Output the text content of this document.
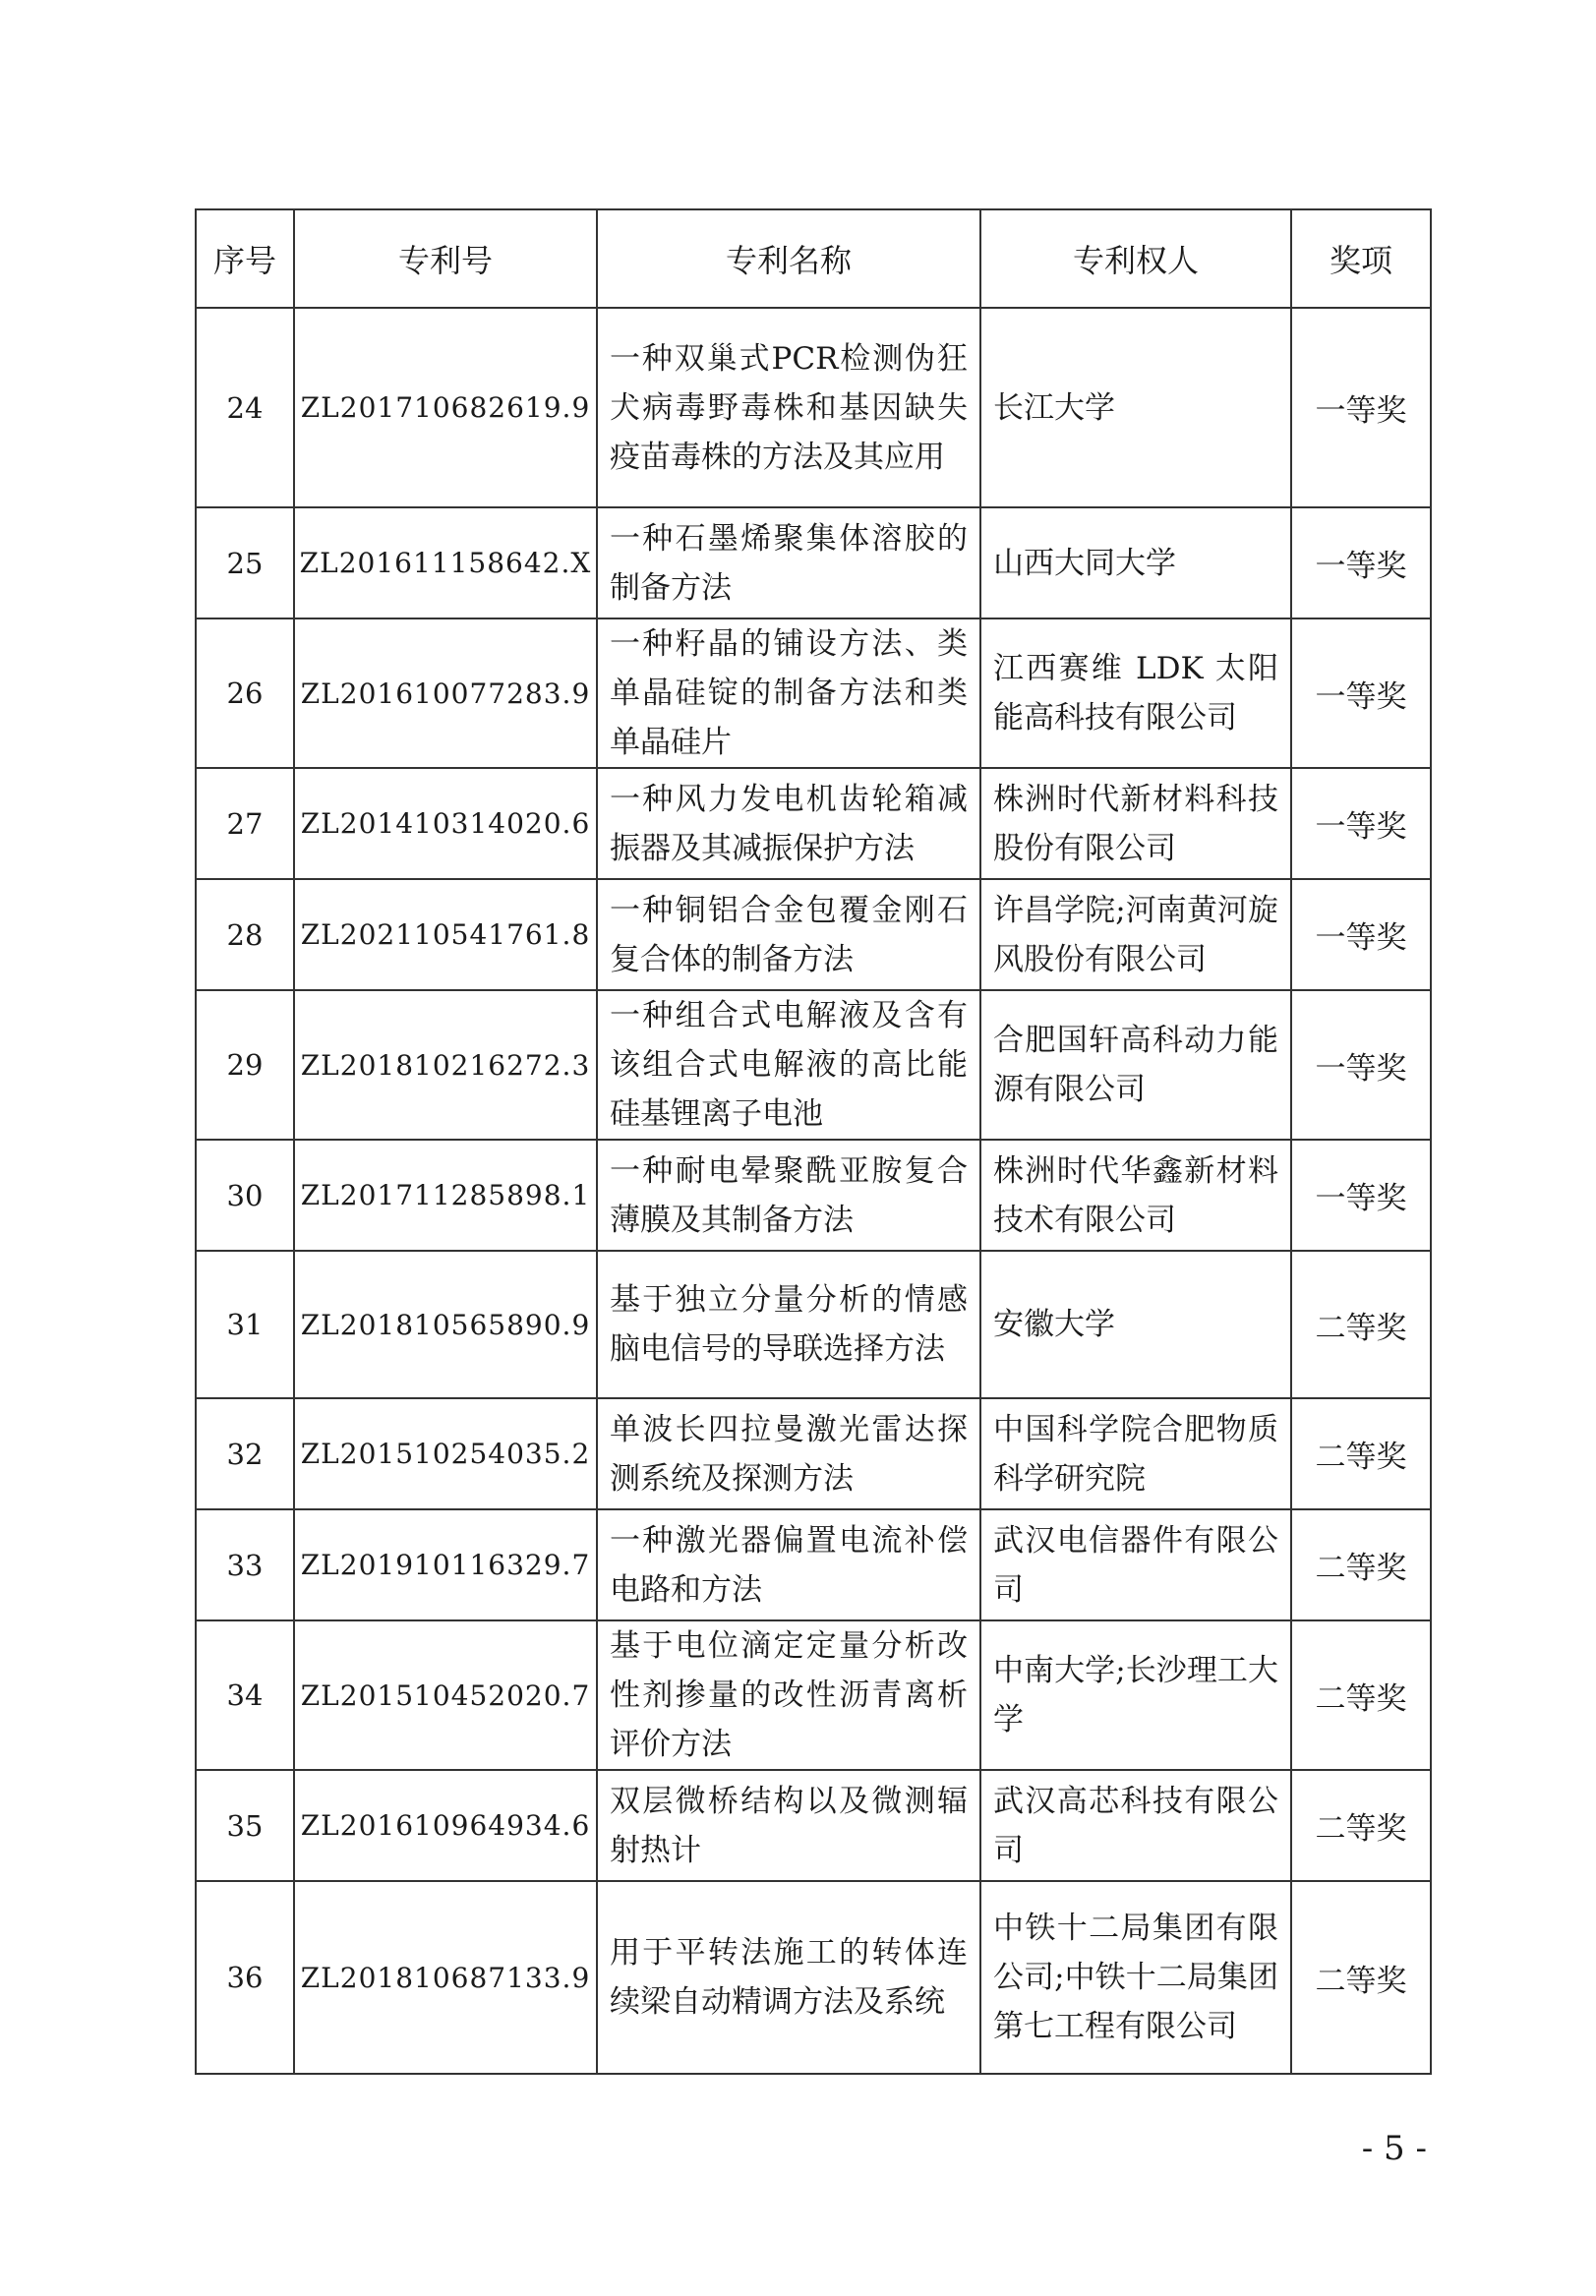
序号	专利号	专利名称	专利权人	奖项
24	ZL201710682619.9	一种双巢式PCR检测伪狂犬病毒野毒株和基因缺失疫苗毒株的方法及其应用	长江大学	一等奖
25	ZL201611158642.X	一种石墨烯聚集体溶胶的制备方法	山西大同大学	一等奖
26	ZL201610077283.9	一种籽晶的铺设方法、类单晶硅锭的制备方法和类单晶硅片	江西赛维 LDK 太阳能高科技有限公司	一等奖
27	ZL201410314020.6	一种风力发电机齿轮箱减振器及其减振保护方法	株洲时代新材料科技股份有限公司	一等奖
28	ZL202110541761.8	一种铜铝合金包覆金刚石复合体的制备方法	许昌学院;河南黄河旋风股份有限公司	一等奖
29	ZL201810216272.3	一种组合式电解液及含有该组合式电解液的高比能硅基锂离子电池	合肥国轩高科动力能源有限公司	一等奖
30	ZL201711285898.1	一种耐电晕聚酰亚胺复合薄膜及其制备方法	株洲时代华鑫新材料技术有限公司	一等奖
31	ZL201810565890.9	基于独立分量分析的情感脑电信号的导联选择方法	安徽大学	二等奖
32	ZL201510254035.2	单波长四拉曼激光雷达探测系统及探测方法	中国科学院合肥物质科学研究院	二等奖
33	ZL201910116329.7	一种激光器偏置电流补偿电路和方法	武汉电信器件有限公司	二等奖
34	ZL201510452020.7	基于电位滴定定量分析改性剂掺量的改性沥青离析评价方法	中南大学;长沙理工大学	二等奖
35	ZL201610964934.6	双层微桥结构以及微测辐射热计	武汉高芯科技有限公司	二等奖
36	ZL201810687133.9	用于平转法施工的转体连续梁自动精调方法及系统	中铁十二局集团有限公司;中铁十二局集团第七工程有限公司	二等奖
- 5 -
